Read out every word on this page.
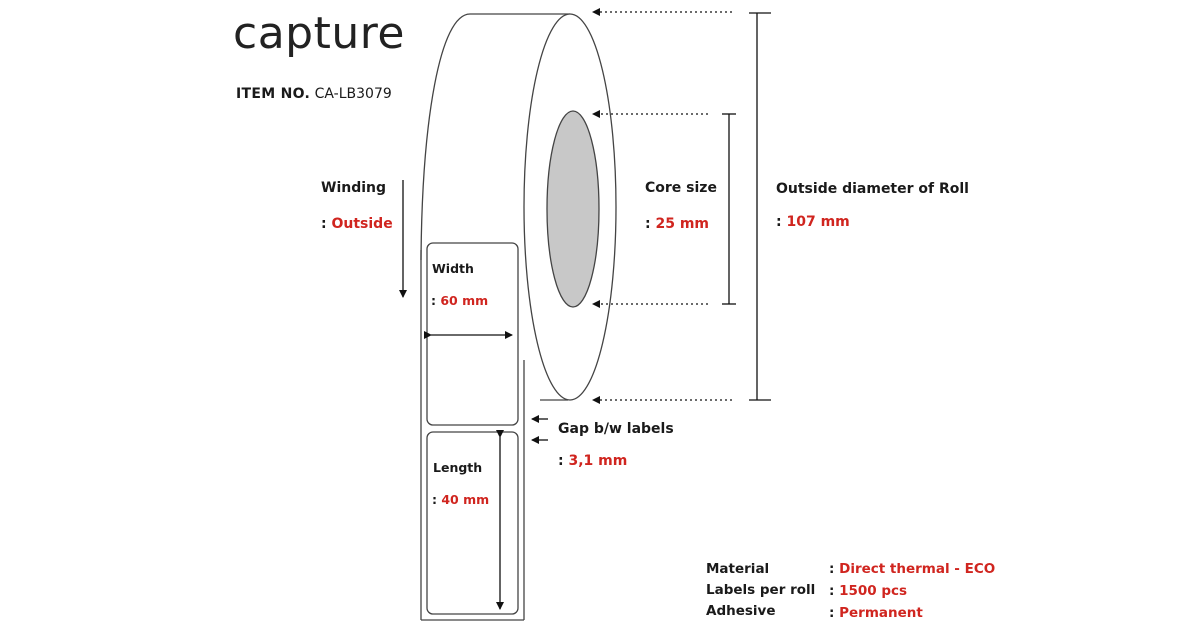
capture
ITEM NO. CA-LB3079
Winding
: Outside
Width
: 60 mm
Length
: 40 mm
Gap b/w labels
: 3,1 mm
Core size
: 25 mm
Outside diameter of Roll
: 107 mm
Material	: Direct thermal - ECO
Labels per roll : 1500 pcs
Adhesive	: Permanent
